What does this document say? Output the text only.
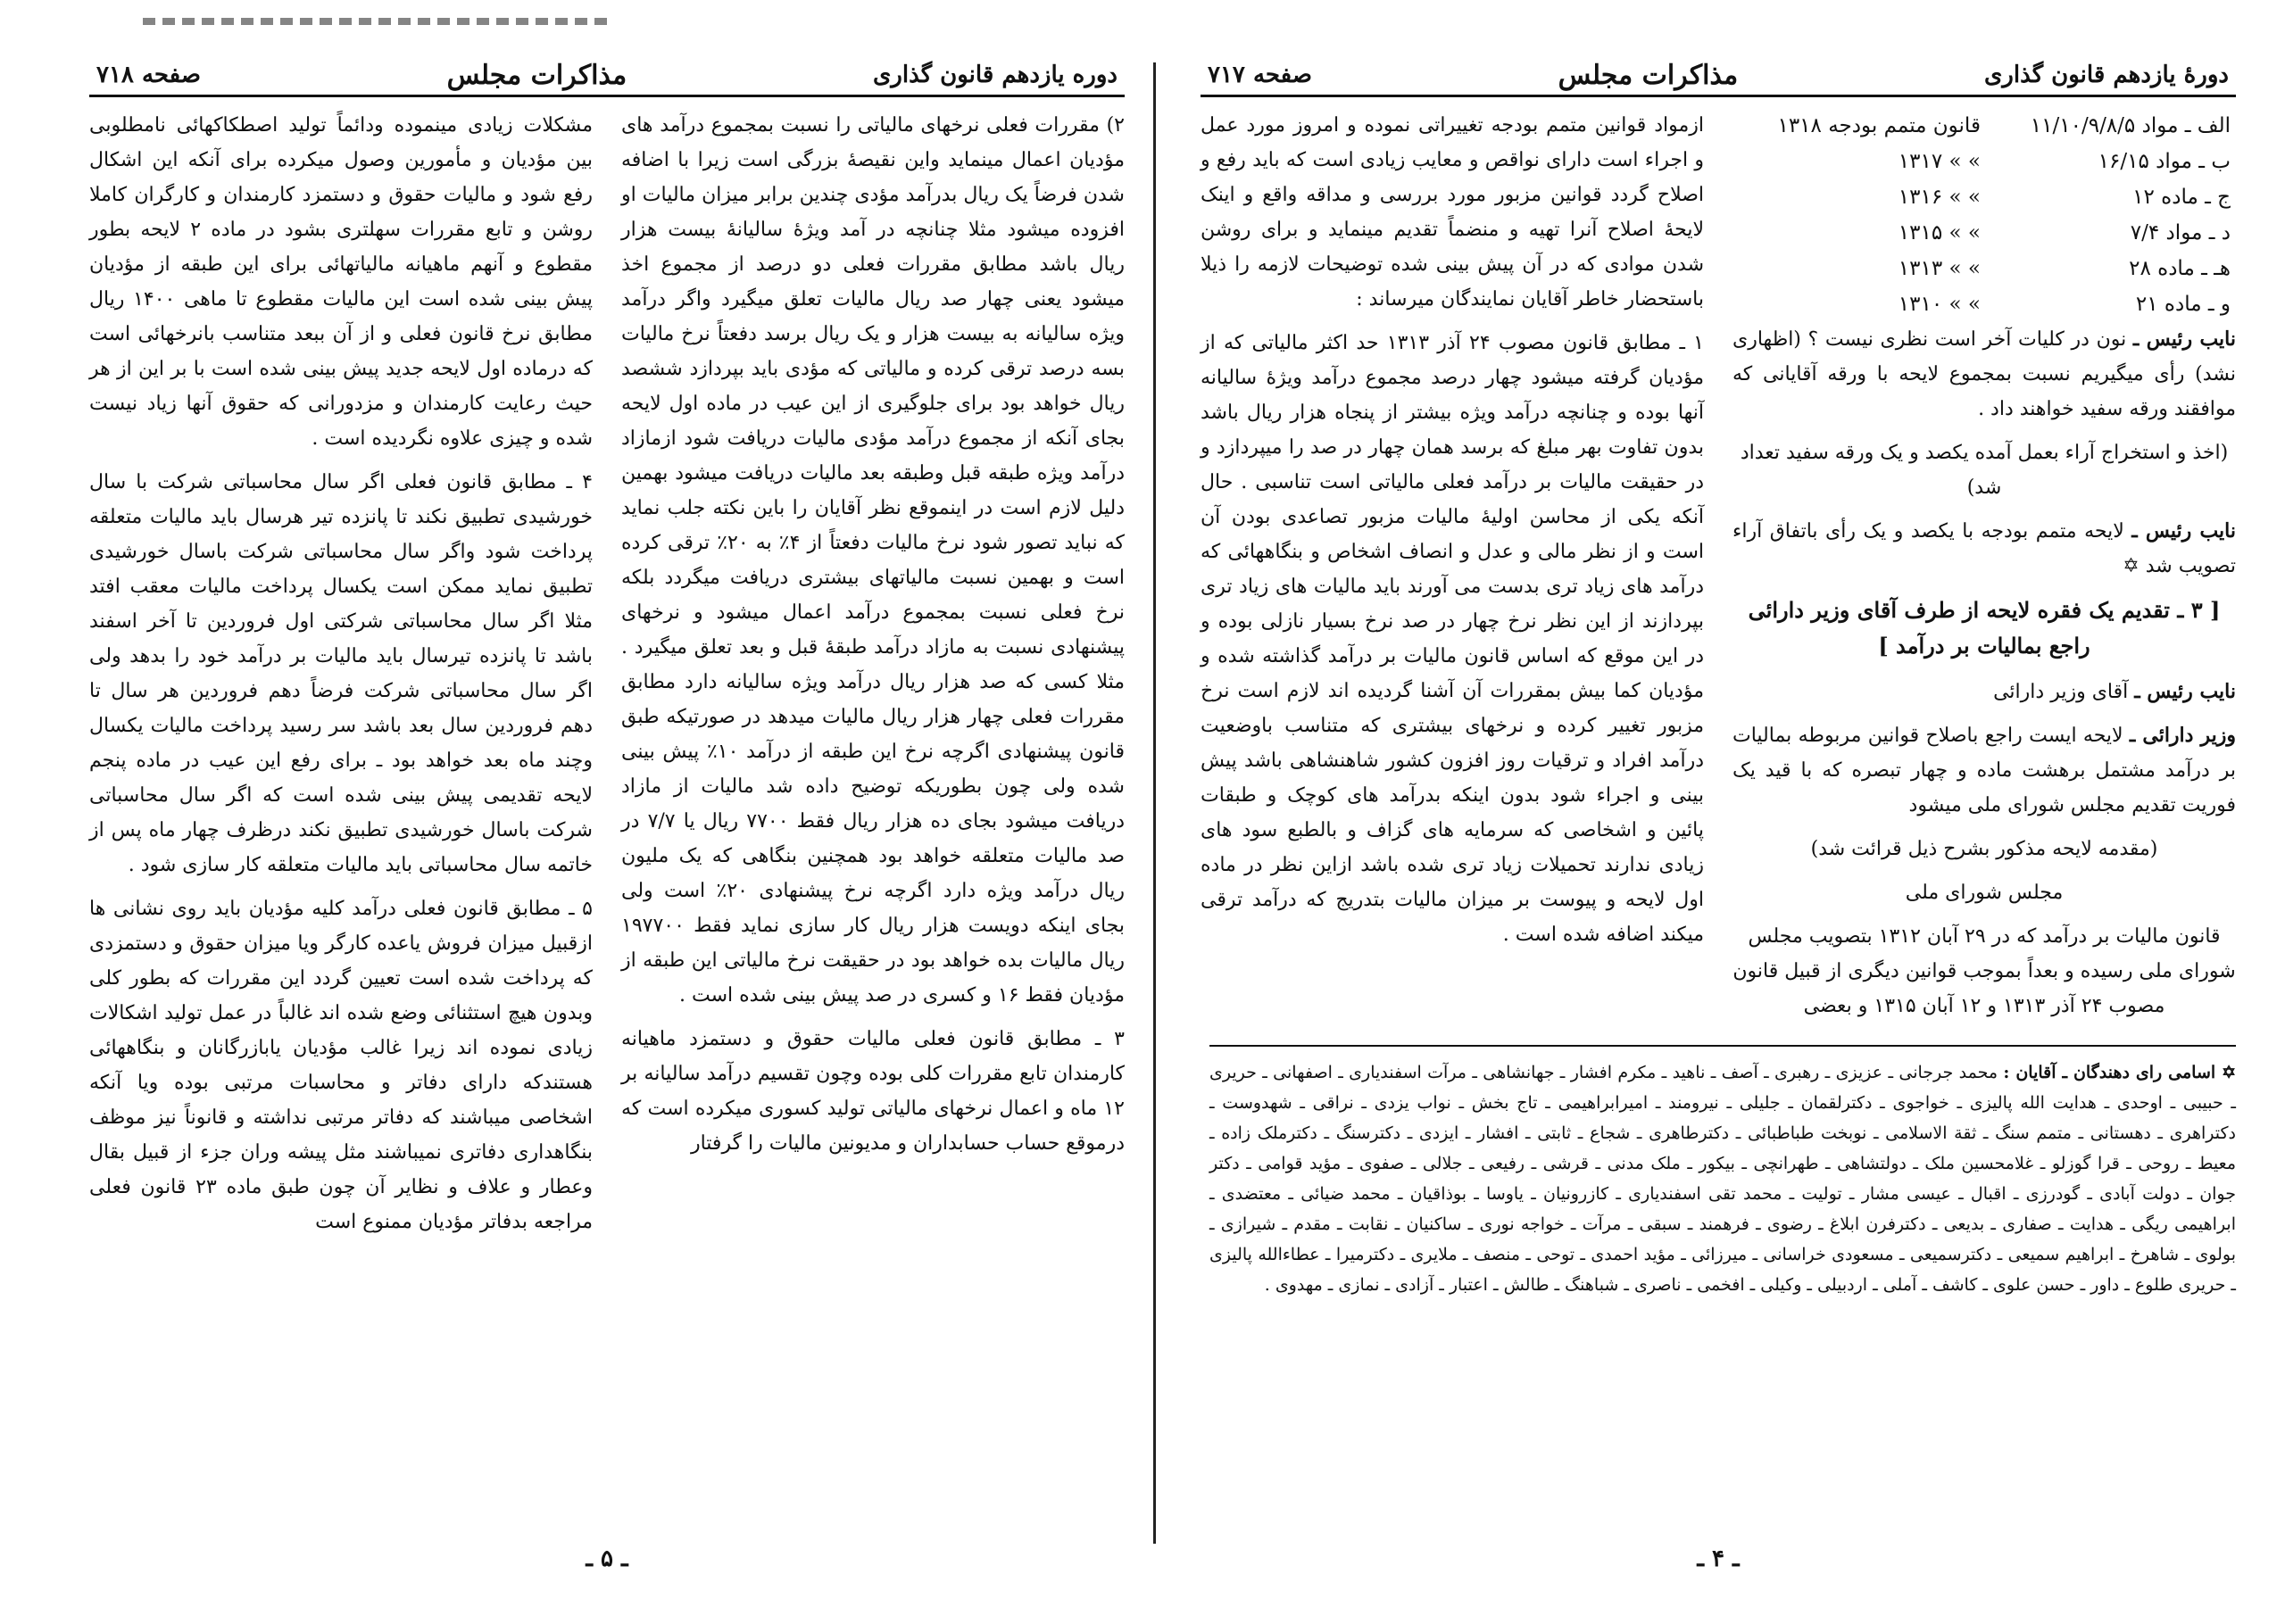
دورهٔ یازدهم قانون گذاری
مذاکرات مجلس
صفحه ۷۱۷
الف ـ مواد ۱۱/۱۰/۹/۸/۵	قانون متمم بودجه ۱۳۱۸
ب ـ مواد ۱۶/۱۵	» » ۱۳۱۷
ج ـ ماده ۱۲	» » ۱۳۱۶
د ـ مواد ۷/۴	» » ۱۳۱۵
هـ ـ ماده ۲۸	» » ۱۳۱۳
و ـ ماده ۲۱	» » ۱۳۱۰

نایب رئیس ـ نون در کلیات آخر است نظری نیست ؟ (اظهاری نشد) رأی میگیریم نسبت بمجموع لایحه با ورقه آقایانی که موافقند ورقه سفید خواهند داد .

(اخذ و استخراج آراء بعمل آمده یکصد و یک ورقه سفید تعداد شد)

نایب رئیس ـ لایحه متمم بودجه با یکصد و یک رأی باتفاق آراء تصویب شد ✡

[ ۳ ـ تقدیم یک فقره لایحه از طرف آقای وزیر دارائی راجع بمالیات بر درآمد ]

نایب رئیس ـ آقای وزیر دارائی

وزیر دارائی ـ لایحه ایست راجع باصلاح قوانین مربوطه بمالیات بر درآمد مشتمل برهشت ماده و چهار تبصره که با قید یک فوریت تقدیم مجلس شورای ملی میشود

(مقدمه لایحه مذکور بشرح ذیل قرائت شد)

مجلس شورای ملی

قانون مالیات بر درآمد که در ۲۹ آبان ۱۳۱۲ بتصویب مجلس شورای ملی رسیده و بعداً بموجب قوانین دیگری از قبیل قانون مصوب ۲۴ آذر ۱۳۱۳ و ۱۲ آبان ۱۳۱۵ و بعضی

ازمواد قوانین متمم بودجه تغییراتی نموده و امروز مورد عمل و اجراء است دارای نواقص و معایب زیادی است که باید رفع و اصلاح گردد قوانین مزبور مورد بررسی و مداقه واقع و اینک لایحهٔ اصلاح آنرا تهیه و منضماً تقدیم مینماید و برای روشن شدن موادی که در آن پیش بینی شده توضیحات لازمه را ذیلا باستحضار خاطر آقایان نمایندگان میرساند :

۱ ـ مطابق قانون مصوب ۲۴ آذر ۱۳۱۳ حد اکثر مالیاتی که از مؤدیان گرفته میشود چهار درصد مجموع درآمد ویژهٔ سالیانه آنها بوده و چنانچه درآمد ویژه بیشتر از پنجاه هزار ریال باشد بدون تفاوت بهر مبلغ که برسد همان چهار در صد را میپردازد و در حقیقت مالیات بر درآمد فعلی مالیاتی است تناسبی . حال آنکه یکی از محاسن اولیهٔ مالیات مزبور تصاعدی بودن آن است و از نظر مالی و عدل و انصاف اشخاص و بنگاههائی که درآمد های زیاد تری بدست می آورند باید مالیات های زیاد تری بپردازند از این نظر نرخ چهار در صد نرخ بسیار نازلی بوده و در این موقع که اساس قانون مالیات بر درآمد گذاشته شده و مؤدیان کما بیش بمقررات آن آشنا گردیده اند لازم است نرخ مزبور تغییر کرده و نرخهای بیشتری که متناسب باوضعیت درآمد افراد و ترقیات روز افزون کشور شاهنشاهی باشد پیش بینی و اجراء شود بدون اینکه بدرآمد های کوچک و طبقات پائین و اشخاصی که سرمایه های گزاف و بالطبع سود های زیادی ندارند تحمیلات زیاد تری شده باشد ازاین نظر در ماده اول لایحه و پیوست بر میزان مالیات بتدریج که درآمد ترقی میکند اضافه شده است .

✡ اسامی رای دهندگان ـ آقایان : محمد جرجانی ـ عزیزی ـ رهبری ـ آصف ـ ناهید ـ مکرم افشار ـ جهانشاهی ـ مرآت اسفندیاری ـ اصفهانی ـ حریری ـ حبیبی ـ اوحدی ـ هدایت الله پالیزی ـ خواجوی ـ دکترلقمان ـ جلیلی ـ نیرومند ـ امیرابراهیمی ـ تاج بخش ـ نواب یزدی ـ نراقی ـ شهدوست ـ دکتراهری ـ دهستانی ـ متمم سنگ ـ ثقة الاسلامی ـ نوبخت طباطبائی ـ دکترطاهری ـ شجاع ـ ثابتی ـ افشار ـ ایزدی ـ دکترسنگ ـ دکترملک زاده ـ معیط ـ روحی ـ قرا گوزلو ـ غلامحسین ملک ـ دولتشاهی ـ طهرانچی ـ بیکور ـ ملک مدنی ـ قرشی ـ رفیعی ـ جلالی ـ صفوی ـ مؤید قوامی ـ دکتر جوان ـ دولت آبادی ـ گودرزی ـ اقبال ـ عیسی مشار ـ تولیت ـ محمد تقی اسفندیاری ـ کازرونیان ـ یاوسا ـ بوذاقیان ـ محمد ضیائی ـ معتضدی ـ ابراهیمی ریگی ـ هدایت ـ صفاری ـ بدیعی ـ دکترفرن ابلاغ ـ رضوی ـ فرهمند ـ سبقی ـ مرآت ـ خواجه نوری ـ ساکنیان ـ نقابت ـ مقدم ـ شیرازی ـ بولوی ـ شاهرخ ـ ابراهیم سمیعی ـ دکترسمیعی ـ مسعودی خراسانی ـ میرزائی ـ مؤید احمدی ـ توحی ـ منصف ـ ملایری ـ دکترمیرا ـ عطاءالله پالیزی ـ حریری طلوع ـ داور ـ حسن علوی ـ کاشف ـ آملی ـ اردبیلی ـ وکیلی ـ افخمی ـ ناصری ـ شباهنگ ـ طالش ـ اعتبار ـ آزادی ـ نمازی ـ مهدوی .
ـ ۴ ـ
دوره یازدهم قانون گذاری
مذاکرات مجلس
صفحه ۷۱۸

۲) مقررات فعلی نرخهای مالیاتی را نسبت بمجموع درآمد های مؤدیان اعمال مینماید واین نقیصهٔ بزرگی است زیرا با اضافه شدن فرضاً یک ریال بدرآمد مؤدی چندین برابر میزان مالیات او افزوده میشود مثلا چنانچه در آمد ویژهٔ سالیانهٔ بیست هزار ریال باشد مطابق مقررات فعلی دو درصد از مجموع اخذ میشود یعنی چهار صد ریال مالیات تعلق میگیرد واگر درآمد ویژه سالیانه به بیست هزار و یک ریال برسد دفعتاً نرخ مالیات بسه درصد ترقی کرده و مالیاتی که مؤدی باید بپردازد ششصد ریال خواهد بود برای جلوگیری از این عیب در ماده اول لایحه بجای آنکه از مجموع درآمد مؤدی مالیات دریافت شود ازمازاد درآمد ویژه طبقه قبل وطبقه بعد مالیات دریافت میشود بهمین دلیل لازم است در اینموقع نظر آقایان را باین نکته جلب نماید که نباید تصور شود نرخ مالیات دفعتاً از ۴٪ به ۲۰٪ ترقی کرده است و بهمین نسبت مالیاتهای بیشتری دریافت میگردد بلکه نرخ فعلی نسبت بمجموع درآمد اعمال میشود و نرخهای پیشنهادی نسبت به مازاد درآمد طبقهٔ قبل و بعد تعلق میگیرد . مثلا کسی که صد هزار ریال درآمد ویژه سالیانه دارد مطابق مقررات فعلی چهار هزار ریال مالیات میدهد در صورتیکه طبق قانون پیشنهادی اگرچه نرخ این طبقه از درآمد ۱۰٪ پیش بینی شده ولی چون بطوریکه توضیح داده شد مالیات از مازاد دریافت میشود بجای ده هزار ریال فقط ۷۷۰۰ ریال یا ۷/۷ در صد مالیات متعلقه خواهد بود همچنین بنگاهی که یک ملیون ریال درآمد ویژه دارد اگرچه نرخ پیشنهادی ۲۰٪ است ولی بجای اینکه دویست هزار ریال کار سازی نماید فقط ۱۹۷۷۰۰ ریال مالیات بده خواهد بود در حقیقت نرخ مالیاتی این طبقه از مؤدیان فقط ۱۶ و کسری در صد پیش بینی شده است .

۳ ـ مطابق قانون فعلی مالیات حقوق و دستمزد ماهیانه کارمندان تابع مقررات کلی بوده وچون تقسیم درآمد سالیانه بر ۱۲ ماه و اعمال نرخهای مالیاتی تولید کسوری میکرده است که درموقع حساب حسابداران و مدیونین مالیات را گرفتار

مشکلات زیادی مینموده ودائماً تولید اصطکاکهائی نامطلوبی بین مؤدیان و مأمورین وصول میکرده برای آنکه این اشکال رفع شود و مالیات حقوق و دستمزد کارمندان و کارگران کاملا روشن و تابع مقررات سهلتری بشود در ماده ۲ لایحه بطور مقطوع و آنهم ماهیانه مالیاتهائی برای این طبقه از مؤدیان پیش بینی شده است این مالیات مقطوع تا ماهی ۱۴۰۰ ریال مطابق نرخ قانون فعلی و از آن ببعد متناسب بانرخهائی است که درماده اول لایحه جدید پیش بینی شده است با بر این از هر حیث رعایت کارمندان و مزدورانی که حقوق آنها زیاد نیست شده و چیزی علاوه نگردیده است .

۴ ـ مطابق قانون فعلی اگر سال محاسباتی شرکت با سال خورشیدی تطبیق نکند تا پانزده تیر هرسال باید مالیات متعلقه پرداخت شود واگر سال محاسباتی شرکت باسال خورشیدی تطبیق نماید ممکن است یکسال پرداخت مالیات معقب افتد مثلا اگر سال محاسباتی شرکتی اول فروردین تا آخر اسفند باشد تا پانزده تیرسال باید مالیات بر درآمد خود را بدهد ولی اگر سال محاسباتی شرکت فرضاً دهم فروردین هر سال تا دهم فروردین سال بعد باشد سر رسید پرداخت مالیات یکسال وچند ماه بعد خواهد بود ـ برای رفع این عیب در ماده پنجم لایحه تقدیمی پیش بینی شده است که اگر سال محاسباتی شرکت باسال خورشیدی تطبیق نکند درظرف چهار ماه پس از خاتمه سال محاسباتی باید مالیات متعلقه کار سازی شود .

۵ ـ مطابق قانون فعلی درآمد کلیه مؤدیان باید روی نشانی ها ازقبیل میزان فروش یاعده کارگر ویا میزان حقوق و دستمزدی که پرداخت شده است تعیین گردد این مقررات که بطور کلی وبدون هیچ استثنائی وضع شده اند غالباً در عمل تولید اشکالات زیادی نموده اند زیرا غالب مؤدیان یابازرگانان و بنگاههائی هستندکه دارای دفاتر و محاسبات مرتبی بوده ویا آنکه اشخاصی میباشند که دفاتر مرتبی نداشته و قانوناً نیز موظف بنگاهداری دفاتری نمیباشند مثل پیشه وران جزء از قبیل بقال وعطار و علاف و نظایر آن چون طبق ماده ۲۳ قانون فعلی مراجعه بدفاتر مؤدیان ممنوع است

ـ ۵ ـ
